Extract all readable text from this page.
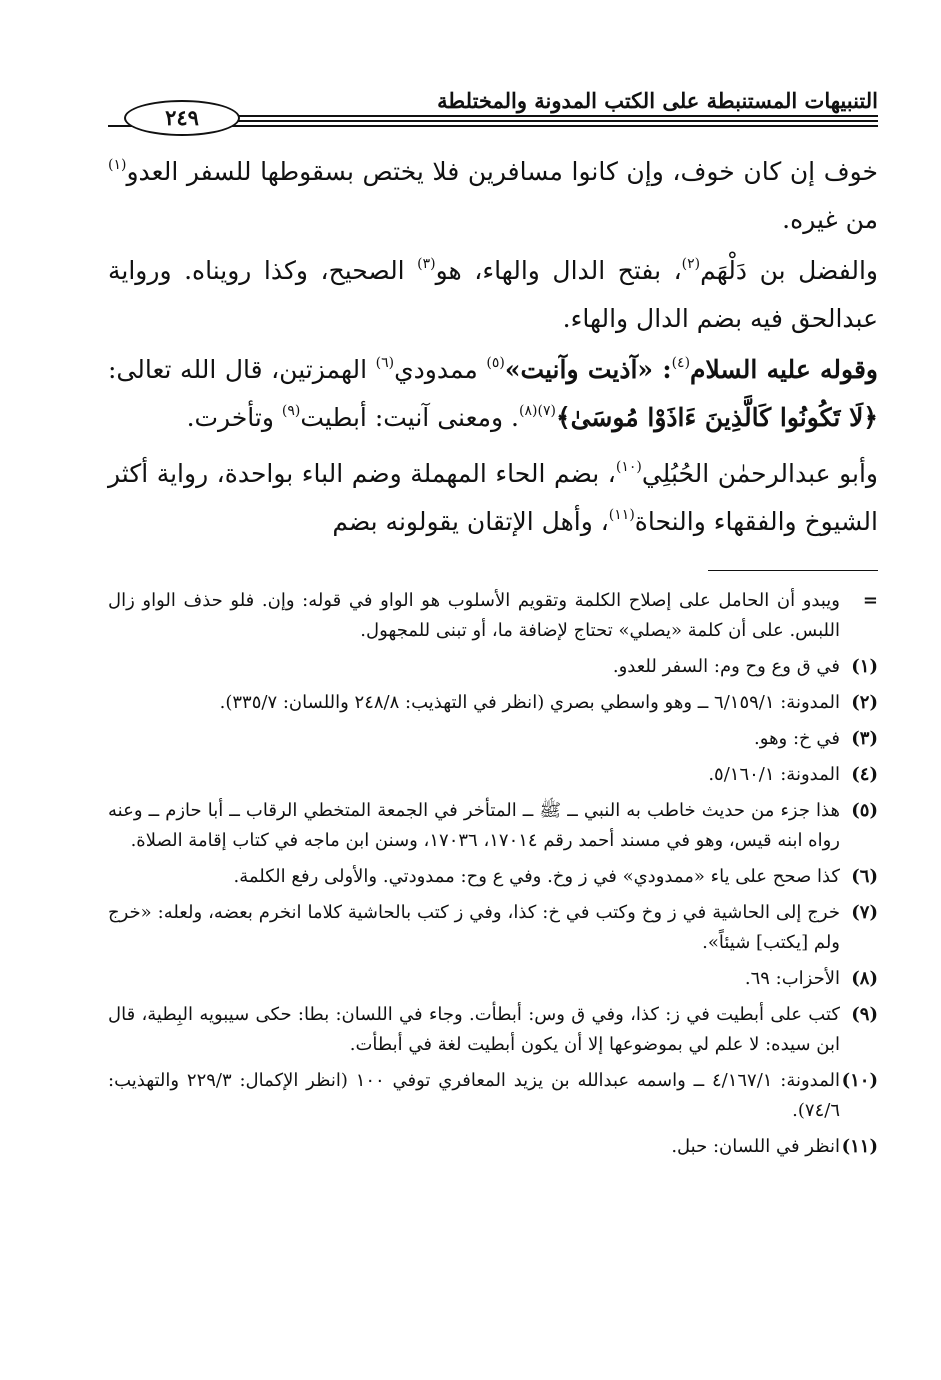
التنبيهات المستنبطة على الكتب المدونة والمختلطة
٢٤٩

خوف إن كان خوف، وإن كانوا مسافرين فلا يختص بسقوطها للسفر العدو$^{(١)}$ من غيره.

والفضل بن دَلْهَم$^{(٢)}$، بفتح الدال والهاء، هو$^{(٣)}$ الصحيح، وكذا رويناه. ورواية عبدالحق فيه بضم الدال والهاء.

وقوله عليه السلام$^{(٤)}$: «آذيت وآنيت»$^{(٥)}$ ممدودي$^{(٦)}$ الهمزتين، قال الله تعالى: ﴿لَا تَكُونُوا كَالَّذِينَ ءَاذَوْا مُوسَىٰ﴾$^{(٧)(٨)}$. ومعنى آنيت: أبطيت$^{(٩)}$ وتأخرت.

وأبو عبدالرحمٰن الحُبُلِي$^{(١٠)}$، بضم الحاء المهملة وضم الباء بواحدة، رواية أكثر الشيوخ والفقهاء والنحاة$^{(١١)}$، وأهل الإتقان يقولونه بضم

=
ويبدو أن الحامل على إصلاح الكلمة وتقويم الأسلوب هو الواو في قوله: وإن. فلو حذف الواو زال اللبس. على أن كلمة «يصلي» تحتاج لإضافة ما، أو تبنى للمجهول.
(١)
في ق وع وح وم: السفر للعدو.
(٢)
المدونة: ٦/١٥٩/١ ــ وهو واسطي بصري (انظر في التهذيب: ٢٤٨/٨ واللسان: ٣٣٥/٧).
(٣)
في خ: وهو.
(٤)
المدونة: ٥/١٦٠/١.
(٥)
هذا جزء من حديث خاطب به النبي ــ ﷺ ــ المتأخر في الجمعة المتخطي الرقاب ــ أبا حازم ــ وعنه رواه ابنه قيس، وهو في مسند أحمد رقم ١٧٠١٤، ١٧٠٣٦، وسنن ابن ماجه في كتاب إقامة الصلاة.
(٦)
كذا صحح على ياء «ممدودي» في ز وخ. وفي ع وح: ممدودتي. والأولى رفع الكلمة.
(٧)
خرج إلى الحاشية في ز وخ وكتب في خ: كذا، وفي ز كتب بالحاشية كلاما انخرم بعضه، ولعله: «خرج ولم [يكتب] شيئاً».
(٨)
الأحزاب: ٦٩.
(٩)
كتب على أبطيت في ز: كذا، وفي ق وس: أبطأت. وجاء في اللسان: بطا: حكى سيبويه البِطية، قال ابن سيده: لا علم لي بموضوعها إلا أن يكون أبطيت لغة في أبطأت.
(١٠)
المدونة: ٤/١٦٧/١ ــ واسمه عبدالله بن يزيد المعافري توفي ١٠٠ (انظر الإكمال: ٢٢٩/٣ والتهذيب: ٧٤/٦).
(١١)
انظر في اللسان: حبل.
